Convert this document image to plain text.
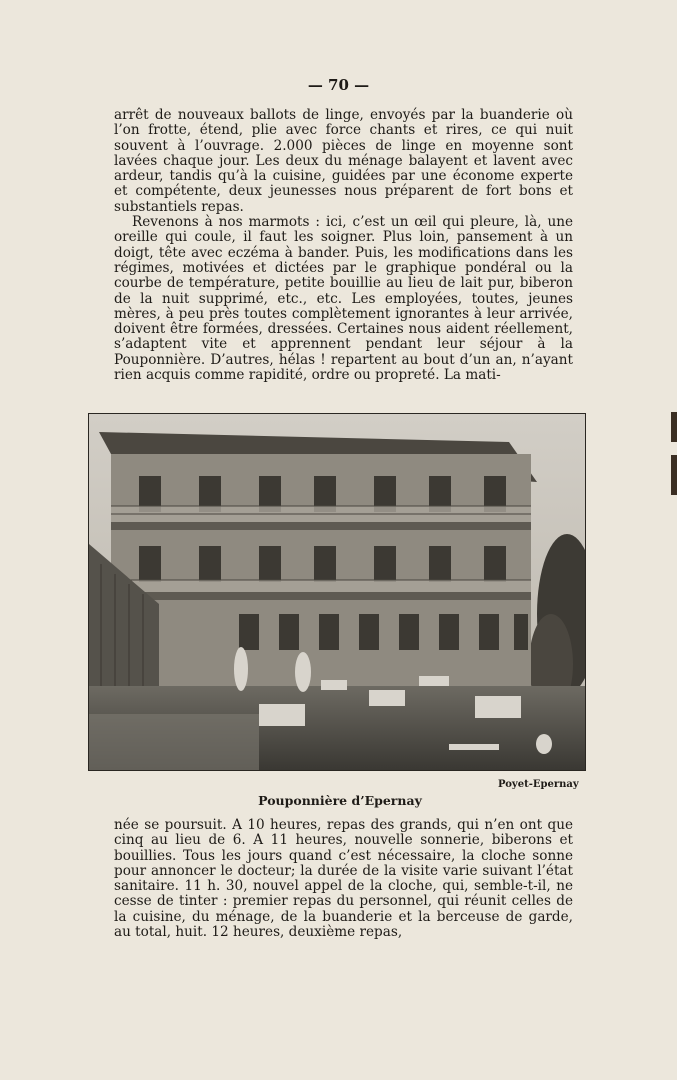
— 70 —

arrêt de nouveaux ballots de linge, envoyés par la buanderie où l’on frotte, étend, plie avec force chants et rires, ce qui nuit souvent à l’ouvrage. 2.000 pièces de linge en moyenne sont lavées chaque jour. Les deux du ménage balayent et lavent avec ardeur, tandis qu’à la cuisine, guidées par une économe experte et compétente, deux jeunesses nous préparent de fort bons et substantiels repas.

Revenons à nos marmots : ici, c’est un œil qui pleure, là, une oreille qui coule, il faut les soigner. Plus loin, pansement à un doigt, tête avec eczéma à bander. Puis, les modifications dans les régimes, motivées et dictées par le graphique pondéral ou la courbe de température, petite bouillie au lieu de lait pur, biberon de la nuit supprimé, etc., etc. Les employées, toutes, jeunes mères, à peu près toutes complètement ignorantes à leur arrivée, doivent être formées, dressées. Certaines nous aident réellement, s’adaptent vite et apprennent pendant leur séjour à la Pouponnière. D’autres, hélas ! repartent au bout d’un an, n’ayant rien acquis comme rapidité, ordre ou propreté. La mati-

Poyet-Epernay
Pouponnière d’Epernay

née se poursuit. A 10 heures, repas des grands, qui n’en ont que cinq au lieu de 6. A 11 heures, nouvelle sonnerie, biberons et bouillies. Tous les jours quand c’est nécessaire, la cloche sonne pour annoncer le docteur; la durée de la visite varie suivant l’état sanitaire. 11 h. 30, nouvel appel de la cloche, qui, semble-t-il, ne cesse de tinter : premier repas du personnel, qui réunit celles de la cuisine, du ménage, de la buanderie et la berceuse de garde, au total, huit. 12 heures, deuxième repas,
